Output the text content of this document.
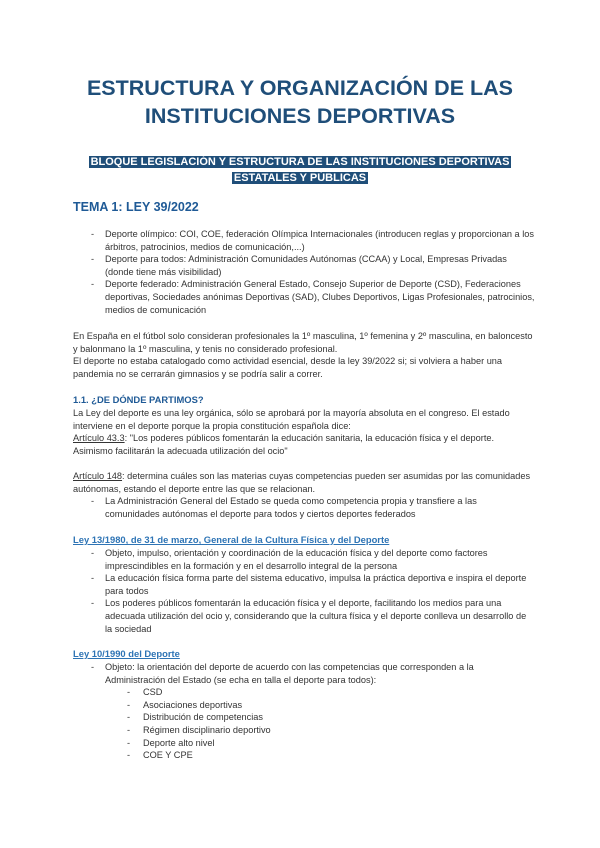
ESTRUCTURA Y ORGANIZACIÓN DE LAS INSTITUCIONES DEPORTIVAS
BLOQUE LEGISLACIÓN Y ESTRUCTURA DE LAS INSTITUCIONES DEPORTIVAS ESTATALES Y PÚBLICAS
TEMA 1: LEY 39/2022
- Deporte olímpico: COI, COE, federación Olímpica Internacionales (introducen reglas y proporcionan a los árbitros, patrocinios, medios de comunicación,...)
- Deporte para todos: Administración Comunidades Autónomas (CCAA) y Local, Empresas Privadas (donde tiene más visibilidad)
- Deporte federado: Administración General Estado, Consejo Superior de Deporte (CSD), Federaciones deportivas, Sociedades anónimas Deportivas (SAD), Clubes Deportivos, Ligas Profesionales, patrocinios, medios de comunicación

En España en el fútbol solo consideran profesionales la 1º masculina, 1º femenina y 2º masculina, en baloncesto y balonmano la 1º masculina, y tenis no considerado profesional.

El deporte no estaba catalogado como actividad esencial, desde la ley 39/2022 si; si volviera a haber una pandemia no se cerrarán gimnasios y se podría salir a correr.

1.1. ¿DE DÓNDE PARTIMOS?

La Ley del deporte es una ley orgánica, sólo se aprobará por la mayoría absoluta en el congreso. El estado interviene en el deporte porque la propia constitución española dice:

Artículo 43.3: "Los poderes públicos fomentarán la educación sanitaria, la educación física y el deporte. Asimismo facilitarán la adecuada utilización del ocio"

Artículo 148: determina cuáles son las materias cuyas competencias pueden ser asumidas por las comunidades autónomas, estando el deporte entre las que se relacionan.

- La Administración General del Estado se queda como competencia propia y transfiere a las comunidades autónomas el deporte para todos y ciertos deportes federados

Ley 13/1980, de 31 de marzo, General de la Cultura Física y del Deporte

- Objeto, impulso, orientación y coordinación de la educación física y del deporte como factores imprescindibles en la formación y en el desarrollo integral de la persona
- La educación física forma parte del sistema educativo, impulsa la práctica deportiva e inspira el deporte para todos
- Los poderes públicos fomentarán la educación física y el deporte, facilitando los medios para una adecuada utilización del ocio y, considerando que la cultura física y el deporte conlleva un desarrollo de la sociedad

Ley 10/1990 del Deporte

- Objeto: la orientación del deporte de acuerdo con las competencias que corresponden a la Administración del Estado (se echa en talla el deporte para todos):
- CSD
- Asociaciones deportivas
- Distribución de competencias
- Régimen disciplinario deportivo
- Deporte alto nivel
- COE Y CPE
